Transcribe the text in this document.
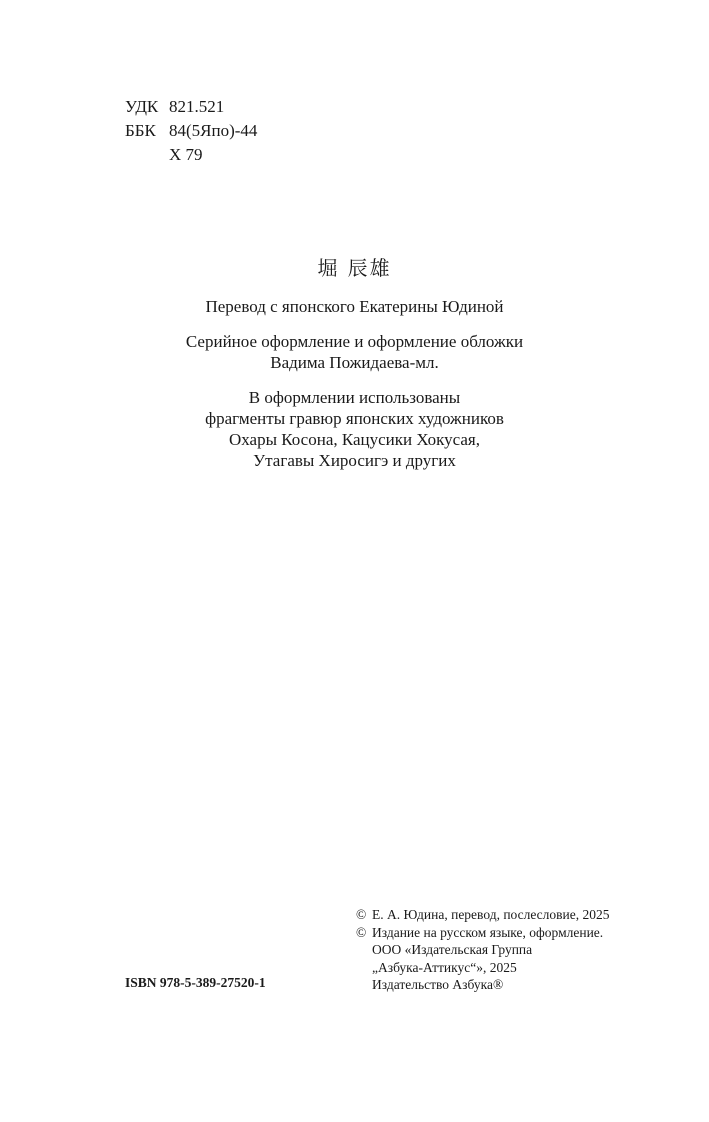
УДК 821.521
ББК 84(5Япо)-44
Х 79
堀 辰雄
Перевод с японского Екатерины Юдиной
Серийное оформление и оформление обложки
Вадима Пожидаева-мл.
В оформлении использованы
фрагменты гравюр японских художников
Охары Косона, Кацусики Хокусая,
Утагавы Хиросигэ и других
© Е. А. Юдина, перевод, послесловие, 2025
© Издание на русском языке, оформление.
ООО «Издательская Группа
„Азбука-Аттикус“», 2025
Издательство Азбука®
ISBN 978-5-389-27520-1
